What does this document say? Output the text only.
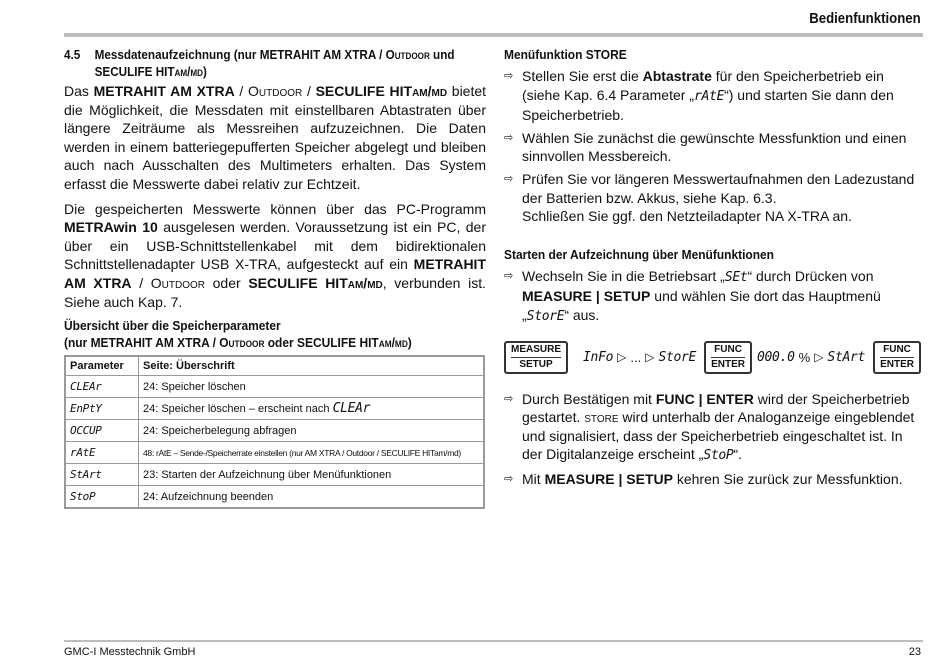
Bedienfunktionen
4.5	Messdatenaufzeichnung (nur METRAHIT AM XTRA / Outdoor und
SECULIFE HITam/md)

Das METRAHIT AM XTRA / Outdoor / SECULIFE HITam/md bietet die Möglichkeit, die Messdaten mit einstellbaren Abtastraten über längere Zeiträume als Messreihen aufzuzeichnen. Die Daten werden in einem batteriegepufferten Speicher abgelegt und bleiben auch nach Ausschalten des Multimeters erhalten. Das System erfasst die Messwerte dabei relativ zur Echtzeit.

Die gespeicherten Messwerte können über das PC-Programm METRAwin 10 ausgelesen werden. Voraussetzung ist ein PC, der über ein USB-Schnittstellenkabel mit dem bidirektionalen Schnittstellenadapter USB X-TRA, aufgesteckt auf ein METRAHIT AM XTRA / Outdoor oder SECULIFE HITam/md, verbunden ist. Siehe auch Kap. 7.

Übersicht über die Speicherparameter
(nur METRAHIT AM XTRA / Outdoor oder SECULIFE HITam/md)
Parameter	Seite: Überschrift
CLEAr	24: Speicher löschen
EnPtY	24: Speicher löschen – erscheint nach CLEAr
OCCUP	24: Speicherbelegung abfragen
rAtE	48: rAtE – Sende-/Speicherrate einstellen (nur AM XTRA / Outdoor / SECULIFE HITam/md)
StArt	23: Starten der Aufzeichnung über Menüfunktionen
StoP	24: Aufzeichnung beenden
Menüfunktion STORE
⇨ Stellen Sie erst die Abtastrate für den Speicherbetrieb ein (siehe Kap. 6.4 Parameter „rAtE“) und starten Sie dann den Speicherbetrieb.
⇨ Wählen Sie zunächst die gewünschte Messfunktion und einen sinnvollen Messbereich.
⇨ Prüfen Sie vor längeren Messwertaufnahmen den Ladezustand der Batterien bzw. Akkus, siehe Kap. 6.3.
Schließen Sie ggf. den Netzteiladapter NA X-TRA an.
Starten der Aufzeichnung über Menüfunktionen
⇨ Wechseln Sie in die Betriebsart „SEt“ durch Drücken von MEASURE | SETUP und wählen Sie dort das Hauptmenü „StorE“ aus.
MEASURE
SETUP	InFo ▷ ... ▷ StorE
FUNC
ENTER 000.0 % ▷ StArt
FUNC
ENTER
⇨ Durch Bestätigen mit FUNC | ENTER wird der Speicherbetrieb gestartet. store wird unterhalb der Analoganzeige eingeblendet und signalisiert, dass der Speicherbetrieb eingeschaltet ist. In der Digitalanzeige erscheint „StoP“.
⇨ Mit MEASURE | SETUP kehren Sie zurück zur Messfunktion.
GMC-I Messtechnik GmbH	23
